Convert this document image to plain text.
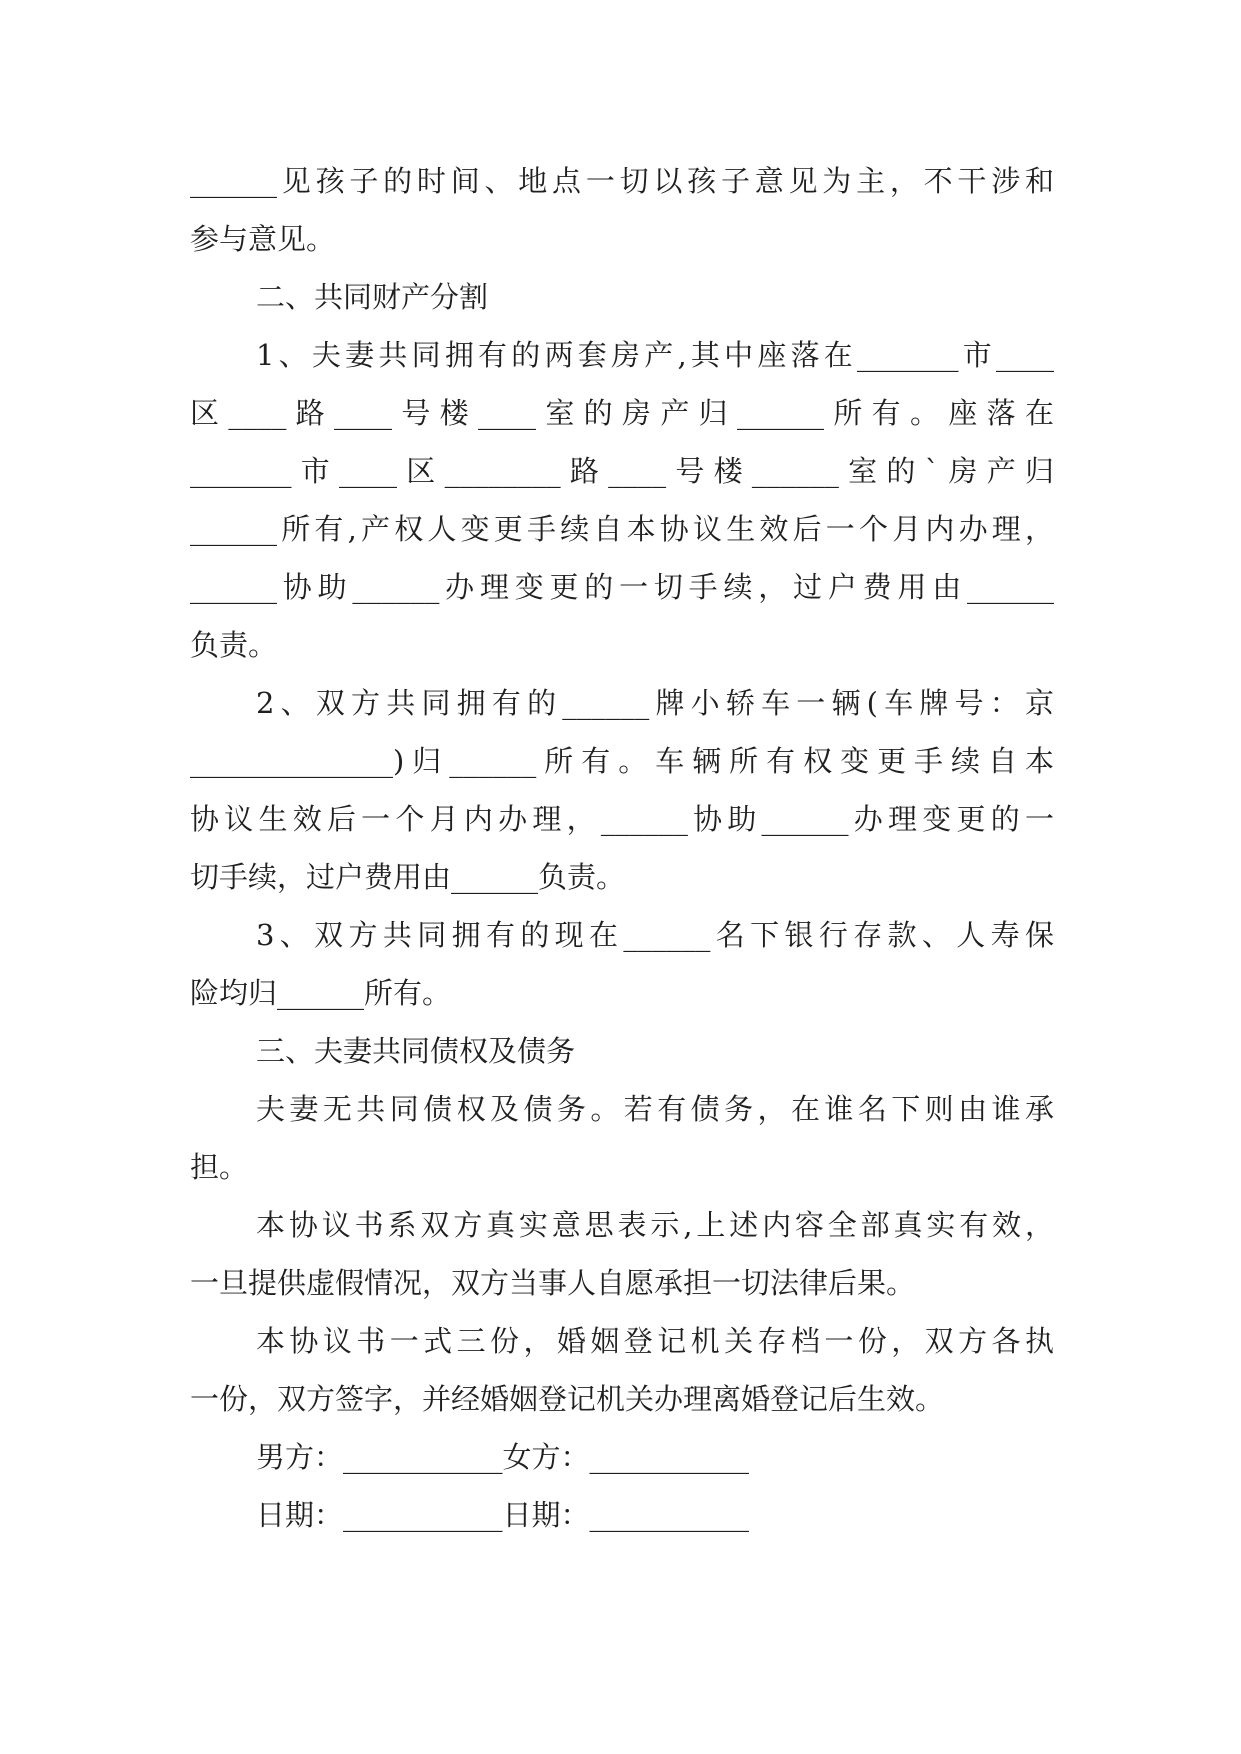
______见孩子的时间、地点一切以孩子意见为主，不干涉和
参与意见。
二、共同财产分割
1、夫妻共同拥有的两套房产,其中座落在_______市____
区____路____号楼____室的房产归______所有。座落在
_______市____区________路____号楼______室的`房产归
______所有,产权人变更手续自本协议生效后一个月内办理，
______协助______办理变更的一切手续，过户费用由______
负责。
2、双方共同拥有的______牌小轿车一辆(车牌号：京
______________)归______所有。车辆所有权变更手续自本
协议生效后一个月内办理，______协助______办理变更的一
切手续，过户费用由______负责。
3、双方共同拥有的现在______名下银行存款、人寿保
险均归______所有。
三、夫妻共同债权及债务
夫妻无共同债权及债务。若有债务，在谁名下则由谁承
担。
本协议书系双方真实意思表示,上述内容全部真实有效，
一旦提供虚假情况，双方当事人自愿承担一切法律后果。
本协议书一式三份，婚姻登记机关存档一份，双方各执
一份，双方签字，并经婚姻登记机关办理离婚登记后生效。
男方：___________女方：___________
日期：___________日期：___________
